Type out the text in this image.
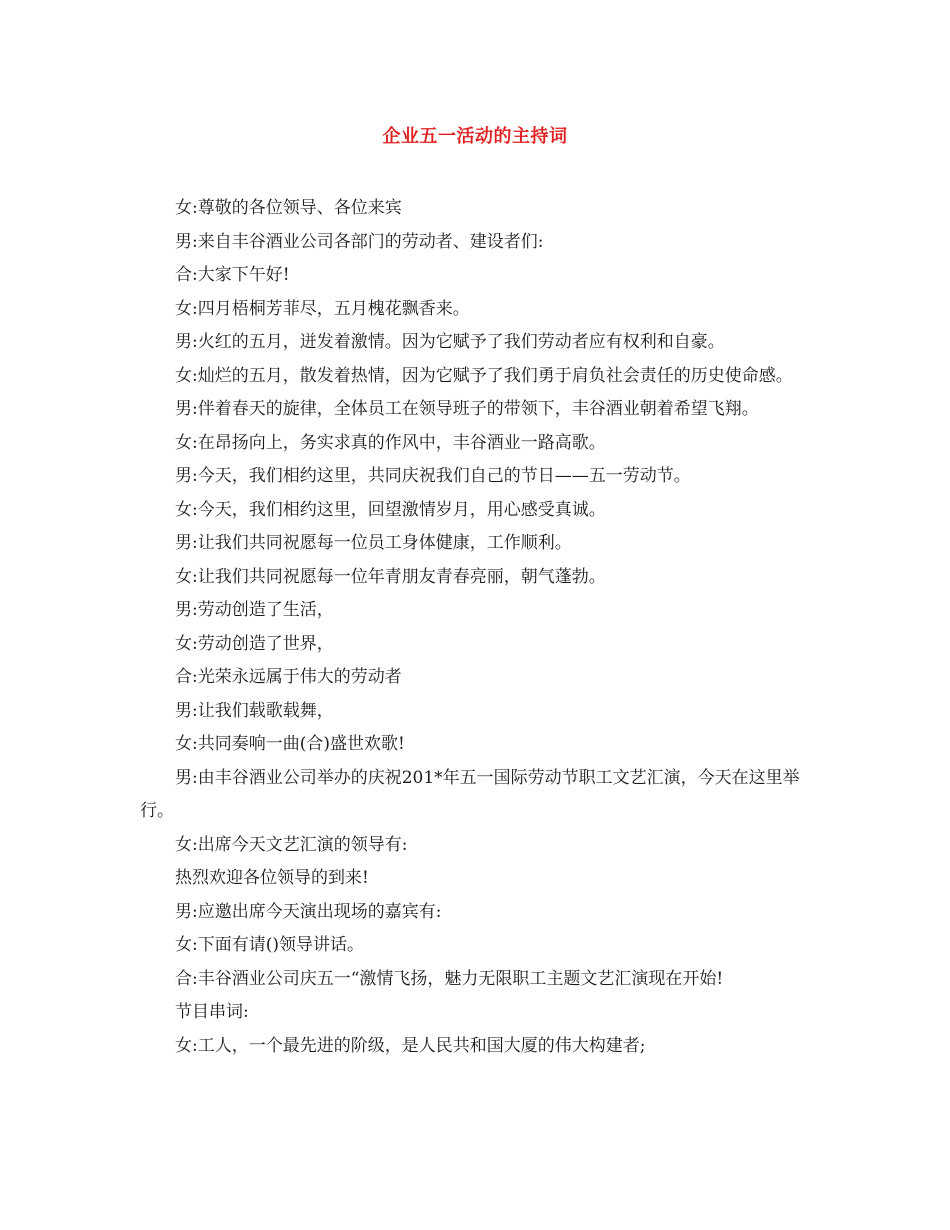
企业五一活动的主持词

女:尊敬的各位领导、各位来宾

男:来自丰谷酒业公司各部门的劳动者、建设者们:

合:大家下午好!

女:四月梧桐芳菲尽，五月槐花飘香来。

男:火红的五月，迸发着激情。因为它赋予了我们劳动者应有权利和自豪。

女:灿烂的五月，散发着热情，因为它赋予了我们勇于肩负社会责任的历史使命感。

男:伴着春天的旋律，全体员工在领导班子的带领下，丰谷酒业朝着希望飞翔。

女:在昂扬向上，务实求真的作风中，丰谷酒业一路高歌。

男:今天，我们相约这里，共同庆祝我们自己的节日——五一劳动节。

女:今天，我们相约这里，回望激情岁月，用心感受真诚。

男:让我们共同祝愿每一位员工身体健康，工作顺利。

女:让我们共同祝愿每一位年青朋友青春亮丽，朝气蓬勃。

男:劳动创造了生活，

女:劳动创造了世界，

合:光荣永远属于伟大的劳动者

男:让我们载歌载舞，

女:共同奏响一曲(合)盛世欢歌!

男:由丰谷酒业公司举办的庆祝201*年五一国际劳动节职工文艺汇演，今天在这里举行。

女:出席今天文艺汇演的领导有:

热烈欢迎各位领导的到来!

男:应邀出席今天演出现场的嘉宾有:

女:下面有请()领导讲话。

合:丰谷酒业公司庆五一“激情飞扬，魅力无限职工主题文艺汇演现在开始!

节目串词:

女:工人，一个最先进的阶级，是人民共和国大厦的伟大构建者;
